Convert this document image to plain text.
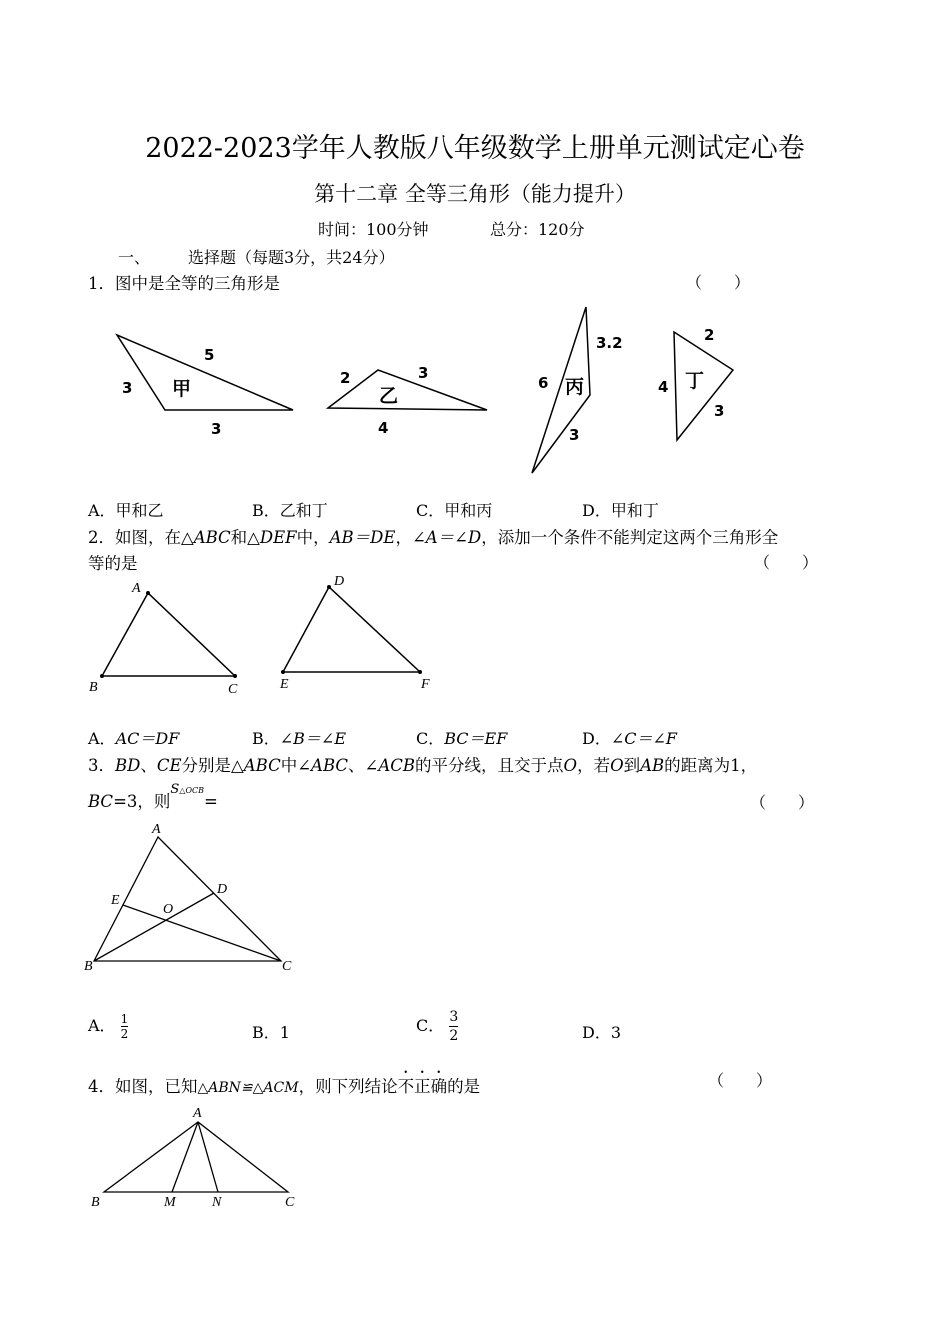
2022-2023学年人教版八年级数学上册单元测试定心卷
第十二章 全等三角形（能力提升）
时间：100分钟	总分：120分
一、 选择题（每题3分，共24分）
1．图中是全等的三角形是	（　　）
5
3
3
2	3
4
3.2
6
3
2
4
3
甲	乙	丙	丁
A．甲和乙	B．乙和丁	C．甲和丙	D．甲和丁
2．如图，在△ABC和△DEF中，AB＝DE，∠A＝∠D，添加一个条件不能判定这两个三角形全
等的是	（　　）
A
B	C
D
E	F
A．AC＝DF	B．∠B＝∠E	C．BC＝EF	D．∠C＝∠F
3．BD、CE分别是△ABC中∠ABC、∠ACB的平分线，且交于点O，若O到AB的距离为1，
BC=3，则$^{S\triangle OCB}$=	（　　）
A
B	C
D
E
O
A． $\frac{1}{2}$	B．1	C． $\frac{3}{2}$	D．3
4．如图，已知△ABN≌△ACM，则下列结论不正确的是	（　　）
A
B	M	N	C
